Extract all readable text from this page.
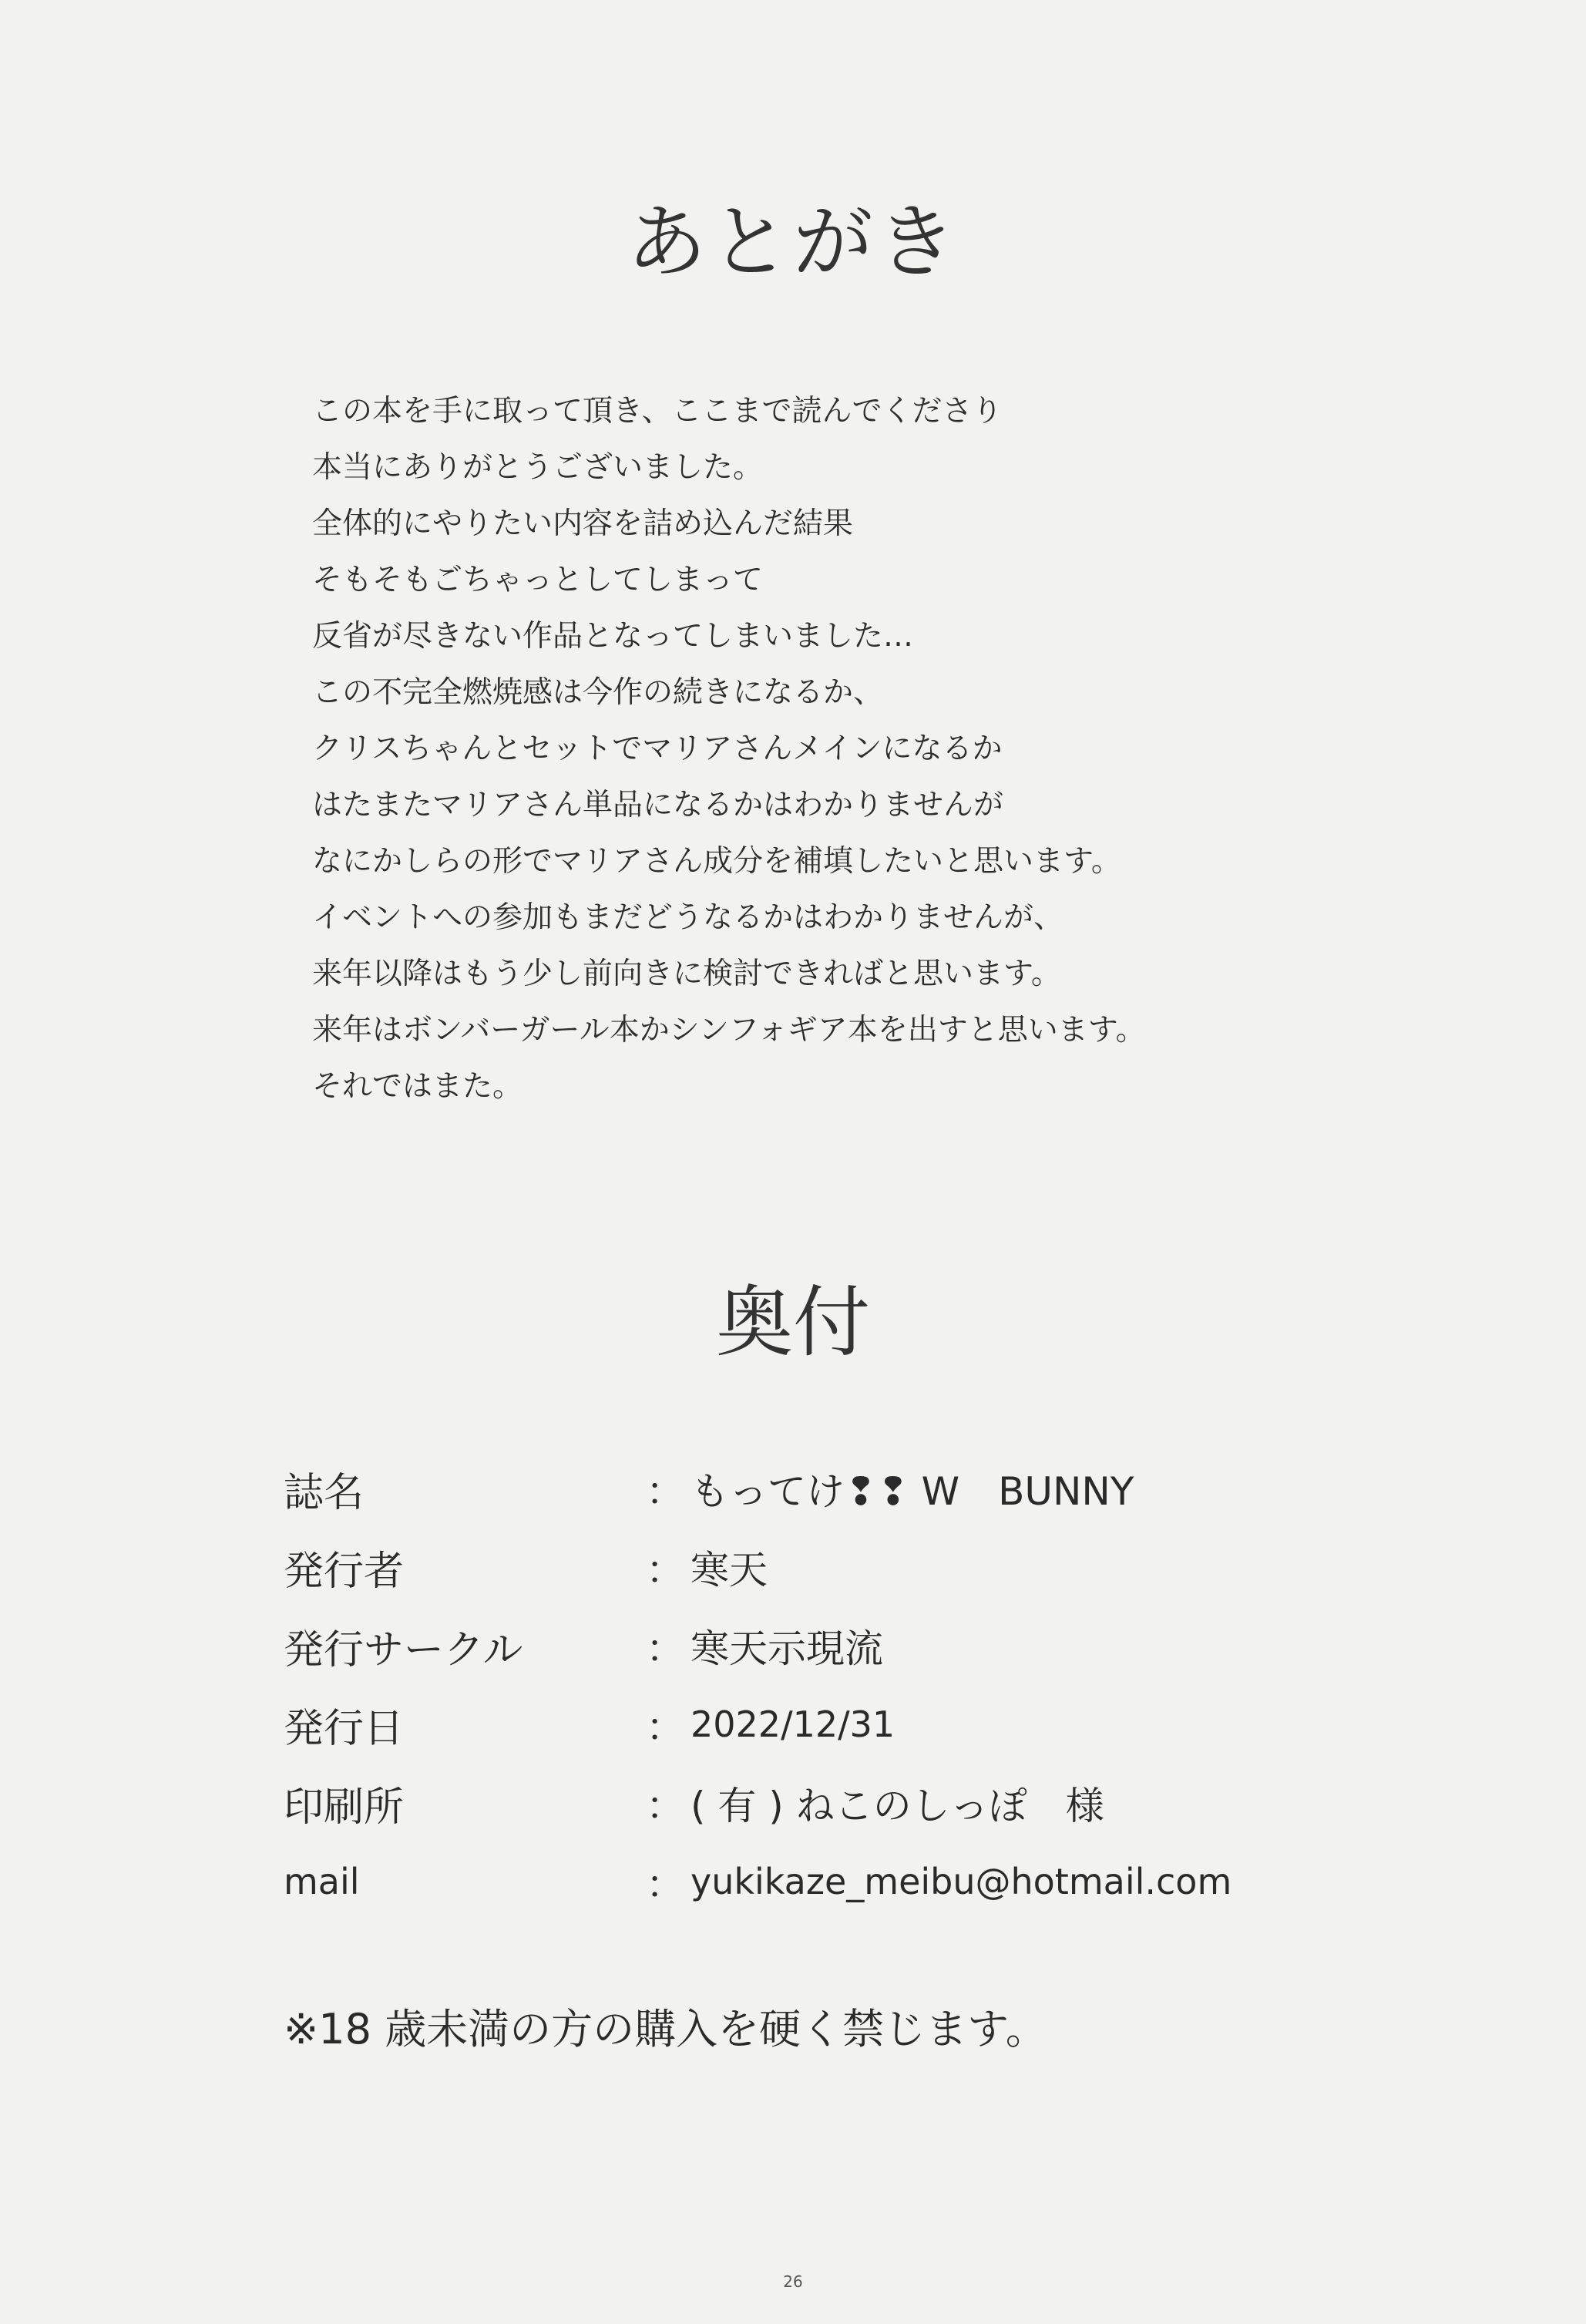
あとがき
この本を手に取って頂き、ここまで読んでくださり
本当にありがとうございました。
全体的にやりたい内容を詰め込んだ結果
そもそもごちゃっとしてしまって
反省が尽きない作品となってしまいました…
この不完全燃焼感は今作の続きになるか、
クリスちゃんとセットでマリアさんメインになるか
はたまたマリアさん単品になるかはわかりませんが
なにかしらの形でマリアさん成分を補填したいと思います。
イベントへの参加もまだどうなるかはわかりませんが、
来年以降はもう少し前向きに検討できればと思います。
来年はボンバーガール本かシンフォギア本を出すと思います。
それではまた。
奥付
誌名	： もってけ❢❢ W　BUNNY
発行者	： 寒天
発行サークル	： 寒天示現流
発行日	： 2022/12/31
印刷所	： ( 有 ) ねこのしっぽ　様
mail	： yukikaze_meibu@hotmail.com

※18 歳未満の方の購入を硬く禁じます。

26
